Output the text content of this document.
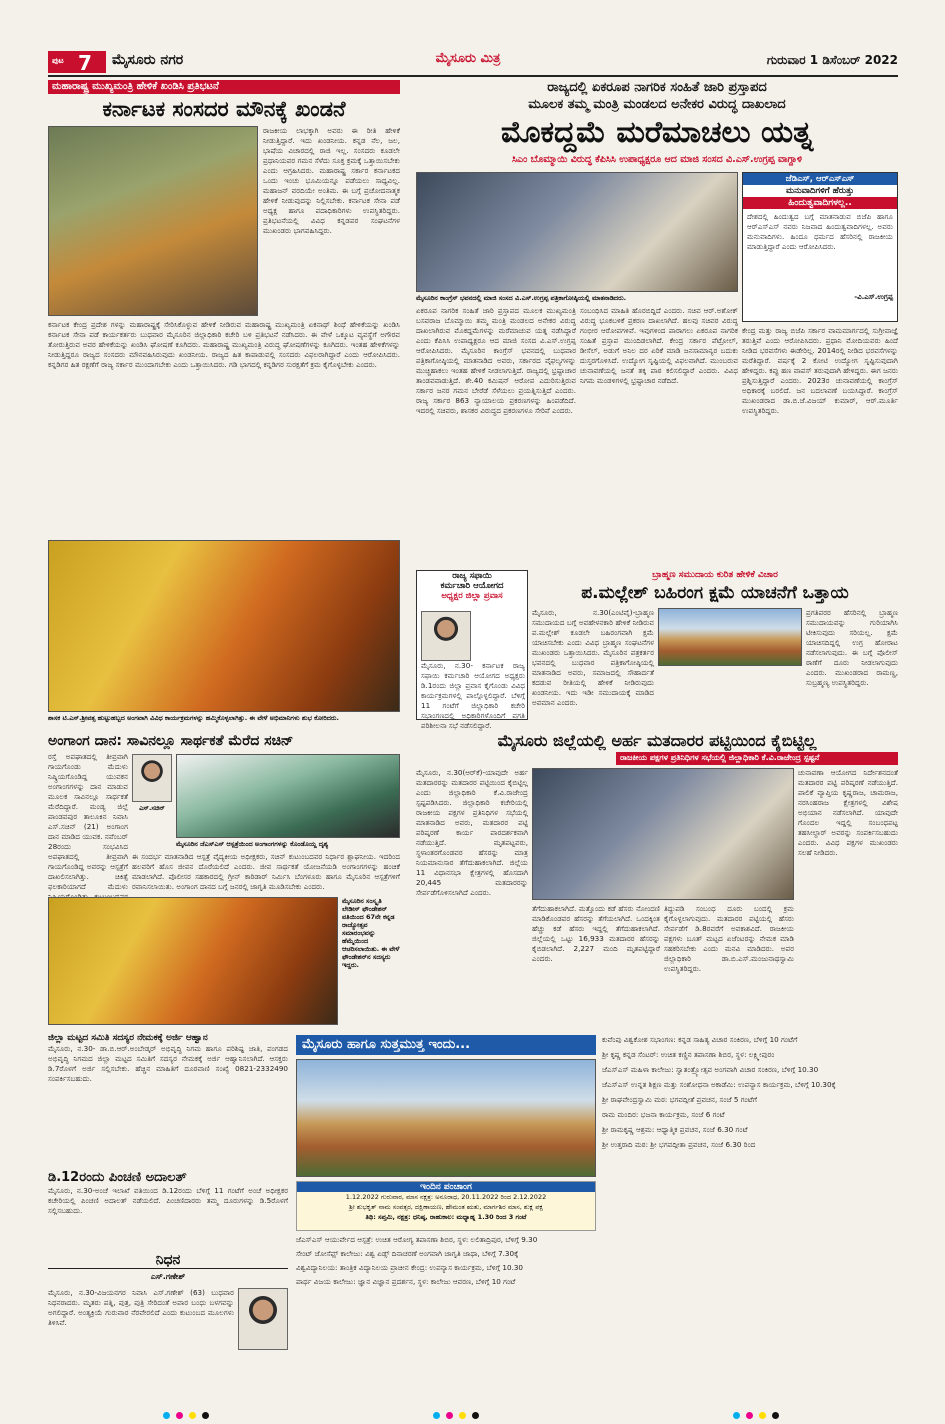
ಪುಟ 7 ಮೈಸೂರು ನಗರ	ಮೈಸೂರು ಮಿತ್ರ	ಗುರುವಾರ 1 ಡಿಸೆಂಬರ್ 2022
ಮಹಾರಾಷ್ಟ್ರ ಮುಖ್ಯಮಂತ್ರಿ ಹೇಳಿಕೆ ಖಂಡಿಸಿ ಪ್ರತಿಭಟನೆ
ಕರ್ನಾಟಕ ಸಂಸದರ ಮೌನಕ್ಕೆ ಖಂಡನೆ
ರಾಜಕೀಯ ಲಾಭಕ್ಕಾಗಿ ಅವರು ಈ ರೀತಿ ಹೇಳಿಕೆ ನೀಡುತ್ತಿದ್ದಾರೆ. ಇದು ಖಂಡನೀಯ. ಕನ್ನಡ ನೆಲ, ಜಲ, ಭಾಷೆಯ ವಿಚಾರದಲ್ಲಿ ರಾಜಿ ಇಲ್ಲ. ಸಂಸದರು ಕೂಡಲೇ ಪ್ರಧಾನಿಯವರ ಗಮನ ಸೆಳೆದು ಸೂಕ್ತ ಕ್ರಮಕ್ಕೆ ಒತ್ತಾಯಿಸಬೇಕು ಎಂದು ಆಗ್ರಹಿಸಿದರು. ಮಹಾರಾಷ್ಟ್ರ ಸರ್ಕಾರ ಕರ್ನಾಟಕದ ಒಂದು ಇಂಚು ಭೂಮಿಯನ್ನೂ ಪಡೆಯಲು ಸಾಧ್ಯವಿಲ್ಲ. ಮಹಾಜನ್ ವರದಿಯೇ ಅಂತಿಮ. ಈ ಬಗ್ಗೆ ಪ್ರಚೋದನಾತ್ಮಕ ಹೇಳಿಕೆ ನೀಡುವುದನ್ನು ನಿಲ್ಲಿಸಬೇಕು. ಕರ್ನಾಟಕ ಸೇನಾ ಪಡೆ ಅಧ್ಯಕ್ಷ ಹಾಗೂ ಪದಾಧಿಕಾರಿಗಳು ಉಪಸ್ಥಿತರಿದ್ದರು. ಪ್ರತಿಭಟನೆಯಲ್ಲಿ ವಿವಿಧ ಕನ್ನಡಪರ ಸಂಘಟನೆಗಳ ಮುಖಂಡರು ಭಾಗವಹಿಸಿದ್ದರು.
ಕರ್ನಾಟಕ ಕೇಂದ್ರ ಪ್ರದೇಶ ಗಳನ್ನು ಮಹಾರಾಷ್ಟ್ರಕ್ಕೆ ಸೇರಿಸಿಕೊಳ್ಳುವ ಹೇಳಿಕೆ ನೀಡಿರುವ ಮಹಾರಾಷ್ಟ್ರ ಮುಖ್ಯಮಂತ್ರಿ ಏಕನಾಥ್ ಶಿಂಧೆ ಹೇಳಿಕೆಯನ್ನು ಖಂಡಿಸಿ ಕರ್ನಾಟಕ ಸೇನಾ ಪಡೆ ಕಾರ್ಯಕರ್ತರು ಬುಧವಾರ ಮೈಸೂರಿನ ಜಿಲ್ಲಾಧಿಕಾರಿ ಕಚೇರಿ ಬಳಿ ಪ್ರತಿಭಟನೆ ನಡೆಸಿದರು. ಈ ವೇಳೆ ಒಕ್ಕೂಟ ವ್ಯವಸ್ಥೆಗೆ ಅಗೌರವ ತೋರುತ್ತಿರುವ ಅವರ ಹೇಳಿಕೆಯನ್ನು ಖಂಡಿಸಿ ಘೋಷಣೆ ಕೂಗಿದರು. ಮಹಾರಾಷ್ಟ್ರ ಮುಖ್ಯಮಂತ್ರಿ ವಿರುದ್ಧ ಘೋಷಣೆಗಳನ್ನು ಕೂಗಿದರು. ಇಂತಹ ಹೇಳಿಕೆಗಳನ್ನು ನೀಡುತ್ತಿದ್ದರೂ ರಾಜ್ಯದ ಸಂಸದರು ಮೌನವಹಿಸಿರುವುದು ಖಂಡನೀಯ. ರಾಜ್ಯದ ಹಿತ ಕಾಪಾಡುವಲ್ಲಿ ಸಂಸದರು ವಿಫಲರಾಗಿದ್ದಾರೆ ಎಂದು ಆರೋಪಿಸಿದರು. ಕನ್ನಡಿಗರ ಹಿತ ರಕ್ಷಣೆಗೆ ರಾಜ್ಯ ಸರ್ಕಾರ ಮುಂದಾಗಬೇಕು ಎಂದು ಒತ್ತಾಯಿಸಿದರು. ಗಡಿ ಭಾಗದಲ್ಲಿ ಕನ್ನಡಿಗರ ಸುರಕ್ಷತೆಗೆ ಕ್ರಮ ಕೈಗೊಳ್ಳಬೇಕು ಎಂದರು.
ಶಾಸಕ ಟಿ.ಎಸ್.ಶ್ರೀವತ್ಸ ಹುಟ್ಟುಹಬ್ಬದ ಅಂಗವಾಗಿ ವಿವಿಧ ಕಾರ್ಯಕ್ರಮಗಳನ್ನು ಹಮ್ಮಿಕೊಳ್ಳಲಾಗಿತ್ತು. ಈ ವೇಳೆ ಅಭಿಮಾನಿಗಳು ಶುಭ ಕೋರಿದರು.
ಅಂಗಾಂಗ ದಾನ: ಸಾವಿನಲ್ಲೂ ಸಾರ್ಥಕತೆ ಮೆರೆದ ಸಚಿನ್
ರಸ್ತೆ ಅಪಘಾತದಲ್ಲಿ ತೀವ್ರವಾಗಿ ಗಾಯಗೊಂಡು ಮೆದುಳು ನಿಷ್ಕ್ರಿಯಗೊಂಡಿದ್ದ ಯುವಕನ ಅಂಗಾಂಗಗಳನ್ನು ದಾನ ಮಾಡುವ ಮೂಲಕ ಸಾವಿನಲ್ಲೂ ಸಾರ್ಥಕತೆ ಮೆರೆದಿದ್ದಾರೆ. ಮಂಡ್ಯ ಜಿಲ್ಲೆ ಪಾಂಡವಪುರ ತಾಲೂಕಿನ ನಿವಾಸಿ ಎಸ್.ಸಚಿನ್ (21) ಅಂಗಾಂಗ ದಾನ ಮಾಡಿದ ಯುವಕ. ನವೆಂಬರ್ 28ರಂದು ಸಂಭವಿಸಿದ ಅಪಘಾತದಲ್ಲಿ ತೀವ್ರವಾಗಿ ಗಾಯಗೊಂಡಿದ್ದ ಅವರನ್ನು ಆಸ್ಪತ್ರೆಗೆ ದಾಖಲಿಸಲಾಗಿತ್ತು. ಚಿಕಿತ್ಸೆ ಫಲಕಾರಿಯಾಗದೆ ಮೆದುಳು
ಎಸ್.ಸಚಿನ್
ಮೈಸೂರಿನ ಜೆಎಸ್‌ಎಸ್ ಆಸ್ಪತ್ರೆಯಿಂದ ಅಂಗಾಂಗಗಳನ್ನು ಕೊಂಡೊಯ್ದ ದೃಶ್ಯ
ಈ ಸಂದರ್ಭ ಮಾತನಾಡಿದ ಆಸ್ಪತ್ರೆ ವೈದ್ಯಕೀಯ ಅಧೀಕ್ಷಕರು, ಸಚಿನ್ ಕುಟುಂಬದವರ ನಿರ್ಧಾರ ಶ್ಲಾಘನೀಯ. ಇದರಿಂದ ಹಲವರಿಗೆ ಹೊಸ ಜೀವನ ದೊರೆಯಲಿದೆ ಎಂದರು. ಜೀವ ಸಾರ್ಥಕತೆ ಯೋಜನೆಯಡಿ ಅಂಗಾಂಗಗಳನ್ನು ಹಂಚಿಕೆ ಮಾಡಲಾಗಿದೆ. ಪೊಲೀಸರ ಸಹಕಾರದಲ್ಲಿ ಗ್ರೀನ್ ಕಾರಿಡಾರ್ ನಿರ್ಮಿಸಿ ಬೆಂಗಳೂರು ಹಾಗೂ ಮೈಸೂರಿನ ಆಸ್ಪತ್ರೆಗಳಿಗೆ ರವಾನಿಸಲಾಯಿತು. ಅಂಗಾಂಗ ದಾನದ ಬಗ್ಗೆ ಜನರಲ್ಲಿ ಜಾಗೃತಿ ಮೂಡಿಸಬೇಕು ಎಂದರು.
ಮೈಸೂರಿನ ಸಂಸ್ಕೃತಿ ಲೇಡೀಸ್ ಫೌಂಡೇಶನ್ ವತಿಯಿಂದ 67ನೇ ಕನ್ನಡ ರಾಜ್ಯೋತ್ಸವ ಸಮಾರಂಭವನ್ನು ಹೆಮ್ಮೆಯಿಂದ ಆಚರಿಸಲಾಯಿತು. ಈ ವೇಳೆ ಫೌಂಡೇಶನ್‌ನ ಸದಸ್ಯರು ಇದ್ದರು.
ರಾಜ್ಯದಲ್ಲಿ ಏಕರೂಪ ನಾಗರಿಕ ಸಂಹಿತೆ ಜಾರಿ ಪ್ರಸ್ತಾಪದ
ಮೂಲಕ ತಮ್ಮ ಮಂತ್ರಿ ಮಂಡಲದ ಅನೇಕರ ವಿರುದ್ಧ ದಾಖಲಾದ
ಮೊಕದ್ದಮೆ ಮರೆಮಾಚಲು ಯತ್ನ
ಸಿಎಂ ಬೊಮ್ಮಾಯಿ ವಿರುದ್ಧ ಕೆಪಿಸಿಸಿ ಉಪಾಧ್ಯಕ್ಷರೂ ಆದ ಮಾಜಿ ಸಂಸದ ವಿ.ಎಸ್.ಉಗ್ರಪ್ಪ ವಾಗ್ದಾಳಿ
ಮೈಸೂರಿನ ಕಾಂಗ್ರೆಸ್ ಭವನದಲ್ಲಿ ಮಾಜಿ ಸಂಸದ ವಿ.ಎಸ್.ಉಗ್ರಪ್ಪ ಪತ್ರಿಕಾಗೋಷ್ಠಿಯಲ್ಲಿ ಮಾತನಾಡಿದರು.
ಜೆಡಿಎಸ್, ಆರ್‌ಎಸ್‌ಎಸ್
ಮನುವಾದಿಗಳಿಗೆ ಹೆರುತ್ತು
ಹಿಂದುತ್ವವಾದಿಗಳಲ್ಲ..
ದೇಶದಲ್ಲಿ ಹಿಂದುತ್ವದ ಬಗ್ಗೆ ಮಾತನಾಡುವ ಬಿಜೆಪಿ ಹಾಗೂ ಆರ್‌ಎಸ್‌ಎಸ್ ನವರು ನಿಜವಾದ ಹಿಂದುತ್ವವಾದಿಗಳಲ್ಲ. ಅವರು ಮನುವಾದಿಗಳು. ಹಿಂದೂ ಧರ್ಮದ ಹೆಸರಿನಲ್ಲಿ ರಾಜಕೀಯ ಮಾಡುತ್ತಿದ್ದಾರೆ ಎಂದು ಆರೋಪಿಸಿದರು.
-ವಿ.ಎಸ್.ಉಗ್ರಪ್ಪ
ಏಕರೂಪ ನಾಗರಿಕ ಸಂಹಿತೆ ಜಾರಿ ಪ್ರಸ್ತಾಪದ ಮೂಲಕ ಮುಖ್ಯಮಂತ್ರಿ ಬಸವರಾಜ ಬೊಮ್ಮಾಯಿ ತಮ್ಮ ಮಂತ್ರಿ ಮಂಡಲದ ಅನೇಕರ ವಿರುದ್ಧ ದಾಖಲಾಗಿರುವ ಮೊಕದ್ದಮೆಗಳನ್ನು ಮರೆಮಾಚುವ ಯತ್ನ ನಡೆಸಿದ್ದಾರೆ ಎಂದು ಕೆಪಿಸಿಸಿ ಉಪಾಧ್ಯಕ್ಷರೂ ಆದ ಮಾಜಿ ಸಂಸದ ವಿ.ಎಸ್.ಉಗ್ರಪ್ಪ ಆರೋಪಿಸಿದರು. ಮೈಸೂರಿನ ಕಾಂಗ್ರೆಸ್ ಭವನದಲ್ಲಿ ಬುಧವಾರ ಪತ್ರಿಕಾಗೋಷ್ಠಿಯಲ್ಲಿ ಮಾತನಾಡಿದ ಅವರು, ಸರ್ಕಾರದ ವೈಫಲ್ಯಗಳನ್ನು ಮುಚ್ಚಿಹಾಕಲು ಇಂತಹ ಹೇಳಿಕೆ ನೀಡಲಾಗುತ್ತಿದೆ. ರಾಜ್ಯದಲ್ಲಿ ಭ್ರಷ್ಟಾಚಾರ ತಾಂಡವವಾಡುತ್ತಿದೆ. ಶೇ.40 ಕಮಿಷನ್ ಆರೋಪ ಎದುರಿಸುತ್ತಿರುವ ಸರ್ಕಾರ ಜನರ ಗಮನ ಬೇರೆಡೆ ಸೆಳೆಯಲು ಪ್ರಯತ್ನಿಸುತ್ತಿದೆ ಎಂದರು. ರಾಜ್ಯ ಸರ್ಕಾರ 863 ನ್ಯಾಯಾಲಯ ಪ್ರಕರಣಗಳನ್ನು ಹಿಂಪಡೆದಿದೆ. ಇದರಲ್ಲಿ ಸಚಿವರು, ಶಾಸಕರ ವಿರುದ್ಧದ ಪ್ರಕರಣಗಳೂ ಸೇರಿವೆ ಎಂದರು.
ಸಂಬಂಧಿಸಿದ ಮಾಹಿತಿ ಹೊರಬಿದ್ದಿದೆ ಎಂದರು. ಸಚಿವ ಆರ್.ಅಶೋಕ್ ವಿರುದ್ಧ ಭೂಕಬಳಿಕೆ ಪ್ರಕರಣ ದಾಖಲಾಗಿದೆ. ಹಲವು ಸಚಿವರ ವಿರುದ್ಧ ಗಂಭೀರ ಆರೋಪಗಳಿವೆ. ಇವುಗಳಿಂದ ಪಾರಾಗಲು ಏಕರೂಪ ನಾಗರಿಕ ಸಂಹಿತೆ ಪ್ರಸ್ತಾಪ ಮುಂದಿಡಲಾಗಿದೆ. ಕೇಂದ್ರ ಸರ್ಕಾರ ಪೆಟ್ರೋಲ್, ಡೀಸೆಲ್, ಅಡುಗೆ ಅನಿಲ ದರ ಏರಿಕೆ ಮಾಡಿ ಜನಸಾಮಾನ್ಯರ ಬದುಕು ದುಸ್ತರಗೊಳಿಸಿದೆ. ಉದ್ಯೋಗ ಸೃಷ್ಟಿಯಲ್ಲಿ ವಿಫಲವಾಗಿದೆ. ಮುಂಬರುವ ಚುನಾವಣೆಯಲ್ಲಿ ಜನತೆ ತಕ್ಕ ಪಾಠ ಕಲಿಸಲಿದ್ದಾರೆ ಎಂದರು. ವಿವಿಧ ನಿಗಮ ಮಂಡಳಿಗಳಲ್ಲಿ ಭ್ರಷ್ಟಾಚಾರ ನಡೆದಿದೆ.
ಕೇಂದ್ರ ಮತ್ತು ರಾಜ್ಯ ಬಿಜೆಪಿ ಸರ್ಕಾರ ವಾಮಮಾರ್ಗದಲ್ಲಿ ಸುಗ್ರೀವಾಜ್ಞೆ ತರುತ್ತಿವೆ ಎಂದು ಆರೋಪಿಸಿದರು. ಪ್ರಧಾನಿ ಮೋದಿಯವರು ಹಿಂದೆ ನೀಡಿದ ಭರವಸೆಗಳು ಈಡೇರಿಲ್ಲ. 2014ರಲ್ಲಿ ನೀಡಿದ ಭರವಸೆಗಳನ್ನು ಮರೆತಿದ್ದಾರೆ. ವರ್ಷಕ್ಕೆ 2 ಕೋಟಿ ಉದ್ಯೋಗ ಸೃಷ್ಟಿಸುವುದಾಗಿ ಹೇಳಿದ್ದರು. ಕಪ್ಪು ಹಣ ವಾಪಸ್ ತರುವುದಾಗಿ ಹೇಳಿದ್ದರು. ಈಗ ಜನರು ಪ್ರಶ್ನಿಸುತ್ತಿದ್ದಾರೆ ಎಂದರು. 2023ರ ಚುನಾವಣೆಯಲ್ಲಿ ಕಾಂಗ್ರೆಸ್ ಅಧಿಕಾರಕ್ಕೆ ಬರಲಿದೆ. ಜನ ಬದಲಾವಣೆ ಬಯಸಿದ್ದಾರೆ. ಕಾಂಗ್ರೆಸ್ ಮುಖಂಡರಾದ ಡಾ.ಬಿ.ಜೆ.ವಿಜಯ್ ಕುಮಾರ್, ಆರ್.ಮೂರ್ತಿ ಉಪಸ್ಥಿತರಿದ್ದರು.
ರಾಜ್ಯ ಸಫಾಯಿ
ಕರ್ಮಚಾರಿ ಆಯೋಗದ
ಅಧ್ಯಕ್ಷರ ಜಿಲ್ಲಾ ಪ್ರವಾಸ
ಮೈಸೂರು, ನ.30- ಕರ್ನಾಟಕ ರಾಜ್ಯ ಸಫಾಯಿ ಕರ್ಮಚಾರಿ ಆಯೋಗದ ಅಧ್ಯಕ್ಷರು ಡಿ.1ರಂದು ಜಿಲ್ಲಾ ಪ್ರವಾಸ ಕೈಗೊಂಡು ವಿವಿಧ ಕಾರ್ಯಕ್ರಮಗಳಲ್ಲಿ ಪಾಲ್ಗೊಳ್ಳಲಿದ್ದಾರೆ. ಬೆಳಿಗ್ಗೆ 11 ಗಂಟೆಗೆ ಜಿಲ್ಲಾಧಿಕಾರಿ ಕಚೇರಿ ಸಭಾಂಗಣದಲ್ಲಿ ಅಧಿಕಾರಿಗಳೊಂದಿಗೆ ಪ್ರಗತಿ ಪರಿಶೀಲನಾ ಸಭೆ ನಡೆಸಲಿದ್ದಾರೆ.
ಬ್ರಾಹ್ಮಣ ಸಮುದಾಯ ಕುರಿತ ಹೇಳಿಕೆ ವಿಚಾರ
ಪ.ಮಲ್ಲೇಶ್ ಬಹಿರಂಗ ಕ್ಷಮೆ ಯಾಚನೆಗೆ ಒತ್ತಾಯ
ಮೈಸೂರು, ನ.30(ಎಂಟಿವೈ)-ಬ್ರಾಹ್ಮಣ ಸಮುದಾಯದ ಬಗ್ಗೆ ಅವಹೇಳನಕಾರಿ ಹೇಳಿಕೆ ನೀಡಿರುವ ಪ.ಮಲ್ಲೇಶ್ ಕೂಡಲೇ ಬಹಿರಂಗವಾಗಿ ಕ್ಷಮೆ ಯಾಚಿಸಬೇಕು ಎಂದು ವಿವಿಧ ಬ್ರಾಹ್ಮಣ ಸಂಘಟನೆಗಳ ಮುಖಂಡರು ಒತ್ತಾಯಿಸಿದರು. ಮೈಸೂರಿನ ಪತ್ರಕರ್ತರ ಭವನದಲ್ಲಿ ಬುಧವಾರ ಪತ್ರಿಕಾಗೋಷ್ಠಿಯಲ್ಲಿ ಮಾತನಾಡಿದ ಅವರು, ಸಮಾಜದಲ್ಲಿ ಸೌಹಾರ್ದತೆ ಕದಡುವ ರೀತಿಯಲ್ಲಿ ಹೇಳಿಕೆ ನೀಡಿರುವುದು ಖಂಡನೀಯ. ಇದು ಇಡೀ ಸಮುದಾಯಕ್ಕೆ ಮಾಡಿದ ಅವಮಾನ ಎಂದರು.
ಪ್ರಗತಿಪರರ ಹೆಸರಿನಲ್ಲಿ ಬ್ರಾಹ್ಮಣ ಸಮುದಾಯವನ್ನು ಗುರಿಯಾಗಿಸಿ ಟೀಕಿಸುವುದು ಸರಿಯಲ್ಲ. ಕ್ಷಮೆ ಯಾಚಿಸದಿದ್ದಲ್ಲಿ ಉಗ್ರ ಹೋರಾಟ ನಡೆಸಲಾಗುವುದು. ಈ ಬಗ್ಗೆ ಪೊಲೀಸ್ ಠಾಣೆಗೆ ದೂರು ನೀಡಲಾಗುವುದು ಎಂದರು. ಮುಖಂಡರಾದ ರಾಮಣ್ಣ, ಸುಬ್ರಹ್ಮಣ್ಯ ಉಪಸ್ಥಿತರಿದ್ದರು.
ಮೈಸೂರು ಜಿಲ್ಲೆಯಲ್ಲಿ ಅರ್ಹ ಮತದಾರರ ಪಟ್ಟಿಯಿಂದ ಕೈಬಿಟ್ಟಿಲ್ಲ
ರಾಜಕೀಯ ಪಕ್ಷಗಳ ಪ್ರತಿನಿಧಿಗಳ ಸಭೆಯಲ್ಲಿ ಜಿಲ್ಲಾಧಿಕಾರಿ ಕೆ.ವಿ.ರಾಜೇಂದ್ರ ಸ್ಪಷ್ಟನೆ
ಮೈಸೂರು, ನ.30(ಆರ್‌ಕೆ)-ಯಾವುದೇ ಅರ್ಹ ಮತದಾರರನ್ನು ಮತದಾರರ ಪಟ್ಟಿಯಿಂದ ಕೈಬಿಟ್ಟಿಲ್ಲ ಎಂದು ಜಿಲ್ಲಾಧಿಕಾರಿ ಕೆ.ವಿ.ರಾಜೇಂದ್ರ ಸ್ಪಷ್ಟಪಡಿಸಿದರು. ಜಿಲ್ಲಾಧಿಕಾರಿ ಕಚೇರಿಯಲ್ಲಿ ರಾಜಕೀಯ ಪಕ್ಷಗಳ ಪ್ರತಿನಿಧಿಗಳ ಸಭೆಯಲ್ಲಿ ಮಾತನಾಡಿದ ಅವರು, ಮತದಾರರ ಪಟ್ಟಿ ಪರಿಷ್ಕರಣೆ ಕಾರ್ಯ ಪಾರದರ್ಶಕವಾಗಿ ನಡೆಯುತ್ತಿದೆ. ಮೃತಪಟ್ಟವರು, ಸ್ಥಳಾಂತರಗೊಂಡವರ ಹೆಸರನ್ನು ಮಾತ್ರ ನಿಯಮಾನುಸಾರ ತೆಗೆದುಹಾಕಲಾಗಿದೆ. ಜಿಲ್ಲೆಯ 11 ವಿಧಾನಸಭಾ ಕ್ಷೇತ್ರಗಳಲ್ಲಿ ಹೊಸದಾಗಿ 20,445 ಮತದಾರರನ್ನು ಸೇರ್ಪಡೆಗೊಳಿಸಲಾಗಿದೆ ಎಂದರು.
ತೆಗೆದುಹಾಕಲಾಗಿದೆ. ಮತ್ತೊಂದು ಕಡೆ ಹೆಸರು ನೋಂದಣಿ ಮಾಡಿಕೊಂಡವರ ಹೆಸರನ್ನು ತೆಗೆಯಲಾಗಿದೆ. ಒಂದಕ್ಕಿಂತ ಹೆಚ್ಚು ಕಡೆ ಹೆಸರು ಇದ್ದಲ್ಲಿ ತೆಗೆದುಹಾಕಲಾಗಿದೆ. ಜಿಲ್ಲೆಯಲ್ಲಿ ಒಟ್ಟು 16,933 ಮತದಾರರ ಹೆಸರನ್ನು ಕೈಬಿಡಲಾಗಿದೆ. 2,227 ಮಂದಿ ಮೃತಪಟ್ಟಿದ್ದಾರೆ ಎಂದರು.
ತಿದ್ದುಪಡಿ ಸಂಬಂಧ ದೂರು ಬಂದಲ್ಲಿ ಕ್ರಮ ಕೈಗೊಳ್ಳಲಾಗುವುದು. ಮತದಾರರ ಪಟ್ಟಿಯಲ್ಲಿ ಹೆಸರು ಸೇರ್ಪಡೆಗೆ ಡಿ.8ರವರೆಗೆ ಅವಕಾಶವಿದೆ. ರಾಜಕೀಯ ಪಕ್ಷಗಳು ಬೂತ್ ಮಟ್ಟದ ಏಜೆಂಟರನ್ನು ನೇಮಕ ಮಾಡಿ ಸಹಕರಿಸಬೇಕು ಎಂದು ಮನವಿ ಮಾಡಿದರು. ಅಪರ ಜಿಲ್ಲಾಧಿಕಾರಿ ಡಾ.ಬಿ.ಎಸ್.ಮಂಜುನಾಥಸ್ವಾಮಿ ಉಪಸ್ಥಿತರಿದ್ದರು.
ಚುನಾವಣಾ ಆಯೋಗದ ನಿರ್ದೇಶನದಂತೆ ಮತದಾರರ ಪಟ್ಟಿ ಪರಿಷ್ಕರಣೆ ನಡೆಯುತ್ತಿದೆ. ಪಾಲಿಕೆ ವ್ಯಾಪ್ತಿಯ ಕೃಷ್ಣರಾಜ, ಚಾಮರಾಜ, ನರಸಿಂಹರಾಜ ಕ್ಷೇತ್ರಗಳಲ್ಲಿ ವಿಶೇಷ ಅಭಿಯಾನ ನಡೆಸಲಾಗಿದೆ. ಯಾವುದೇ ಗೊಂದಲ ಇದ್ದಲ್ಲಿ ಸಂಬಂಧಪಟ್ಟ ತಹಸೀಲ್ದಾರ್ ಅವರನ್ನು ಸಂಪರ್ಕಿಸಬಹುದು ಎಂದರು. ವಿವಿಧ ಪಕ್ಷಗಳ ಮುಖಂಡರು ಸಲಹೆ ನೀಡಿದರು.
ಜಿಲ್ಲಾ ಮಟ್ಟದ ಸಮಿತಿ ಸದಸ್ಯರ ನೇಮಕಕ್ಕೆ ಅರ್ಜಿ ಆಹ್ವಾನ
ಮೈಸೂರು, ನ.30- ಡಾ.ಬಿ.ಆರ್.ಅಂಬೇಡ್ಕರ್ ಅಭಿವೃದ್ಧಿ ನಿಗಮ ಹಾಗೂ ಪರಿಶಿಷ್ಟ ಜಾತಿ, ಪಂಗಡದ ಅಭಿವೃದ್ಧಿ ನಿಗಮದ ಜಿಲ್ಲಾ ಮಟ್ಟದ ಸಮಿತಿಗೆ ಸದಸ್ಯರ ನೇಮಕಕ್ಕೆ ಅರ್ಜಿ ಆಹ್ವಾನಿಸಲಾಗಿದೆ. ಆಸಕ್ತರು ಡಿ.7ರೊಳಗೆ ಅರ್ಜಿ ಸಲ್ಲಿಸಬೇಕು. ಹೆಚ್ಚಿನ ಮಾಹಿತಿಗೆ ದೂರವಾಣಿ ಸಂಖ್ಯೆ 0821-2332490 ಸಂಪರ್ಕಿಸಬಹುದು.
ಡಿ.12ರಂದು ಪಿಂಚಣಿ ಅದಾಲತ್
ಮೈಸೂರು, ನ.30-ಅಂಚೆ ಇಲಾಖೆ ವತಿಯಿಂದ ಡಿ.12ರಂದು ಬೆಳಿಗ್ಗೆ 11 ಗಂಟೆಗೆ ಅಂಚೆ ಅಧೀಕ್ಷಕರ ಕಚೇರಿಯಲ್ಲಿ ಪಿಂಚಣಿ ಅದಾಲತ್ ನಡೆಯಲಿದೆ. ಪಿಂಚಣಿದಾರರು ತಮ್ಮ ದೂರುಗಳನ್ನು ಡಿ.5ರೊಳಗೆ ಸಲ್ಲಿಸಬಹುದು.
ನಿಧನ
ಎಸ್.ಗಣೇಶ್
ಮೈಸೂರು, ನ.30-ವಿಜಯನಗರ ನಿವಾಸಿ ಎಸ್.ಗಣೇಶ್ (63) ಬುಧವಾರ ನಿಧನರಾದರು. ಮೃತರು ಪತ್ನಿ, ಪುತ್ರ, ಪುತ್ರಿ ಸೇರಿದಂತೆ ಅಪಾರ ಬಂಧು ಬಳಗವನ್ನು ಅಗಲಿದ್ದಾರೆ. ಅಂತ್ಯಕ್ರಿಯೆ ಗುರುವಾರ ನೆರವೇರಲಿದೆ ಎಂದು ಕುಟುಂಬದ ಮೂಲಗಳು ತಿಳಿಸಿವೆ.
ಮೈಸೂರು ಹಾಗೂ ಸುತ್ತಮುತ್ತ ಇಂದು...
ಇಂದಿನ ಪಂಚಾಂಗ
1.12.2022 ಗುರುವಾರ, ಮಾಸ ನಕ್ಷತ್ರ: ಅನೂರಾಧ, 20.11.2022 ರಿಂದ 2.12.2022
ಶ್ರೀ ಶುಭಕೃತ್ ನಾಮ ಸಂವತ್ಸರ, ದಕ್ಷಿಣಾಯಣ, ಹೇಮಂತ ಋತು, ಮಾರ್ಗಶಿರ ಮಾಸ, ಶುಕ್ಲ ಪಕ್ಷ
ತಿಥಿ: ಸಪ್ತಮಿ, ನಕ್ಷತ್ರ: ಧನಿಷ್ಠ, ರಾಹುಕಾಲ: ಮಧ್ಯಾಹ್ನ 1.30 ರಿಂದ 3 ಗಂಟೆ
ಜೆಎಸ್‌ಎಸ್ ಆಯುರ್ವೇದ ಆಸ್ಪತ್ರೆ: ಉಚಿತ ಆರೋಗ್ಯ ತಪಾಸಣಾ ಶಿಬಿರ, ಸ್ಥಳ: ಲಲಿತಾದ್ರಿಪುರ, ಬೆಳಿಗ್ಗೆ 9.30
ಸೇಂಟ್ ಜೋಸೆಫ್ಸ್ ಕಾಲೇಜು: ವಿಶ್ವ ಏಡ್ಸ್ ದಿನಾಚರಣೆ ಅಂಗವಾಗಿ ಜಾಗೃತಿ ಜಾಥಾ, ಬೆಳಿಗ್ಗೆ 7.30ಕ್ಕೆ
ವಿಶ್ವವಿದ್ಯಾನಿಲಯ: ತಾಂತ್ರಿಕ ವಿದ್ಯಾನಿಲಯ ಪ್ರಾಚೀನ ಕೇಂದ್ರ: ಉಪನ್ಯಾಸ ಕಾರ್ಯಕ್ರಮ, ಬೆಳಿಗ್ಗೆ 10.30
ಪಾರ್ಥ ವಿಜಯ ಕಾಲೇಜು: ಜ್ಞಾನ ವಿಜ್ಞಾನ ಪ್ರದರ್ಶನ, ಸ್ಥಳ: ಕಾಲೇಜು ಆವರಣ, ಬೆಳಿಗ್ಗೆ 10 ಗಂಟೆ
ಕುವೆಂಪು ವಿಶ್ವಕೋಶ ಸಭಾಂಗಣ: ಕನ್ನಡ ಸಾಹಿತ್ಯ ವಿಚಾರ ಸಂಕಿರಣ, ಬೆಳಿಗ್ಗೆ 10 ಗಂಟೆಗೆ
ಶ್ರೀ ಕೃಷ್ಣ ಕನ್ನಡ ಸೆಂಟರ್: ಉಚಿತ ಕಣ್ಣಿನ ತಪಾಸಣಾ ಶಿಬಿರ, ಸ್ಥಳ: ಲಕ್ಷ್ಮೀಪುರಂ
ಜೆಎಸ್‌ಎಸ್ ಮಹಿಳಾ ಕಾಲೇಜು: ಸ್ವಾತಂತ್ರ್ಯೋತ್ಸವ ಅಂಗವಾಗಿ ವಿಚಾರ ಸಂಕಿರಣ, ಬೆಳಿಗ್ಗೆ 10.30
ಜೆಎಸ್‌ಎಸ್ ಉನ್ನತ ಶಿಕ್ಷಣ ಮತ್ತು ಸಂಶೋಧನಾ ಅಕಾಡೆಮಿ: ಉಪನ್ಯಾಸ ಕಾರ್ಯಕ್ರಮ, ಬೆಳಿಗ್ಗೆ 10.30ಕ್ಕೆ
ಶ್ರೀ ರಾಘವೇಂದ್ರಸ್ವಾಮಿ ಮಠ: ಭಗವದ್ಗೀತೆ ಪ್ರವಚನ, ಸಂಜೆ 5 ಗಂಟೆಗೆ
ರಾಮ ಮಂದಿರ: ಭಜನಾ ಕಾರ್ಯಕ್ರಮ, ಸಂಜೆ 6 ಗಂಟೆ
ಶ್ರೀ ರಾಮಕೃಷ್ಣ ಆಶ್ರಮ: ಆಧ್ಯಾತ್ಮಿಕ ಪ್ರವಚನ, ಸಂಜೆ 6.30 ಗಂಟೆ
ಶ್ರೀ ಉತ್ತರಾದಿ ಮಠ: ಶ್ರೀ ಭಗವದ್ಗೀತಾ ಪ್ರವಚನ, ಸಂಜೆ 6.30 ರಿಂದ
